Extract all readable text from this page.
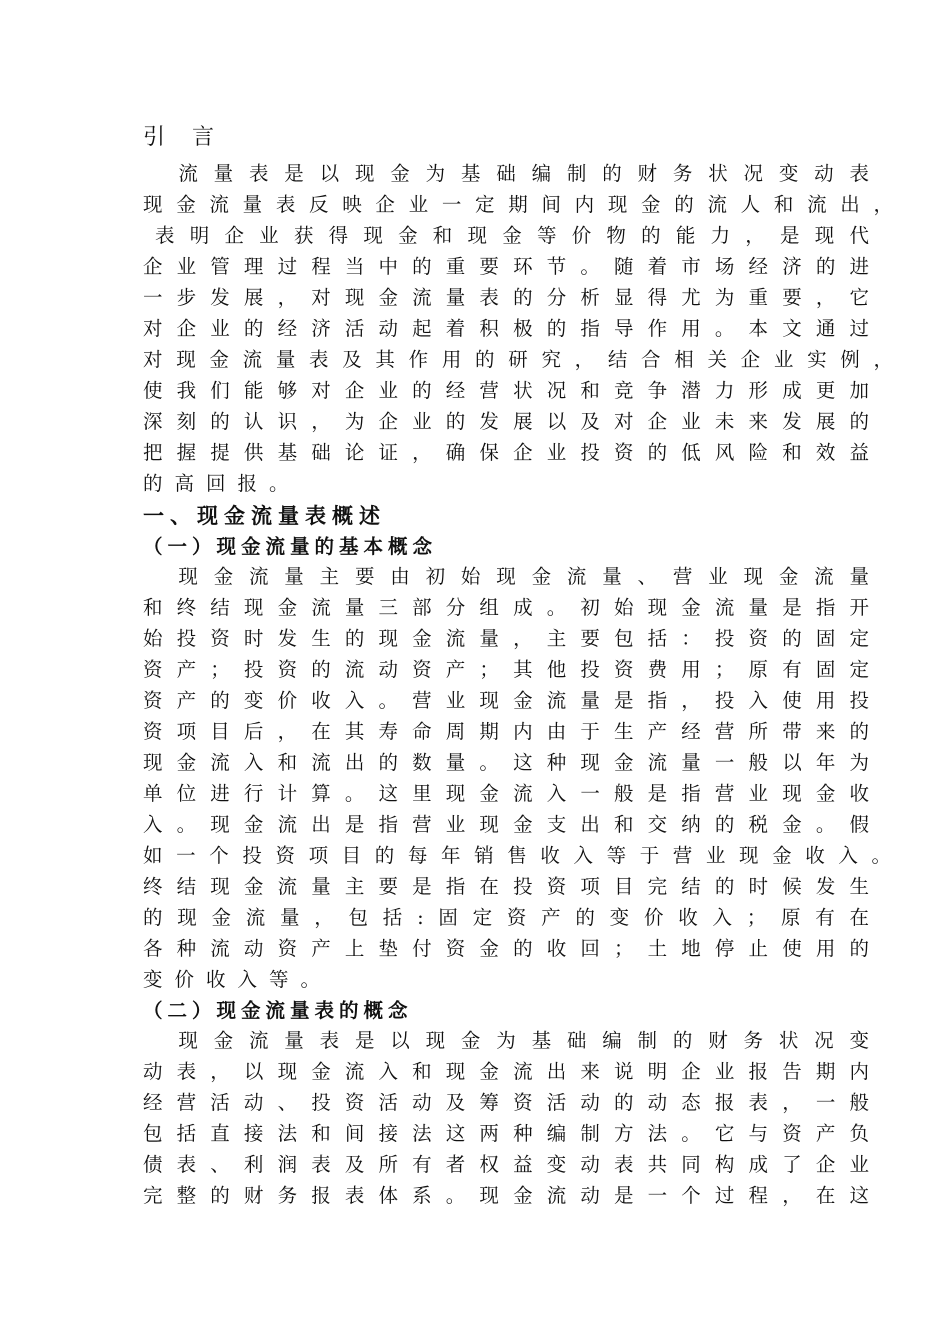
引 言
　流量表是以现金为基础编制的财务状况变动表
现金流量表反映企业一定期间内现金的流人和流出，
表明企业获得现金和现金等价物的能力，是现代
企业管理过程当中的重要环节。随着市场经济的进
一步发展，对现金流量表的分析显得尤为重要，它
对企业的经济活动起着积极的指导作用。本文通过
对现金流量表及其作用的研究，结合相关企业实例，
使我们能够对企业的经营状况和竞争潜力形成更加
深刻的认识，为企业的发展以及对企业未来发展的
把握提供基础论证，确保企业投资的低风险和效益
的高回报。
一、现金流量表概述
（一）现金流量的基本概念
　现金流量主要由初始现金流量、营业现金流量
和终结现金流量三部分组成。初始现金流量是指开
始投资时发生的现金流量，主要包括：投资的固定
资产；投资的流动资产；其他投资费用；原有固定
资产的变价收入。营业现金流量是指，投入使用投
资项目后，在其寿命周期内由于生产经营所带来的
现金流入和流出的数量。这种现金流量一般以年为
单位进行计算。这里现金流入一般是指营业现金收
入。现金流出是指营业现金支出和交纳的税金。假
如一个投资项目的每年销售收入等于营业现金收入。
终结现金流量主要是指在投资项目完结的时候发生
的现金流量，包括:固定资产的变价收入；原有在
各种流动资产上垫付资金的收回；土地停止使用的
变价收入等。
（二）现金流量表的概念
　现金流量表是以现金为基础编制的财务状况变
动表，以现金流入和现金流出来说明企业报告期内
经营活动、投资活动及筹资活动的动态报表，一般
包括直接法和间接法这两种编制方法。它与资产负
债表、利润表及所有者权益变动表共同构成了企业
完整的财务报表体系。现金流动是一个过程，在这
